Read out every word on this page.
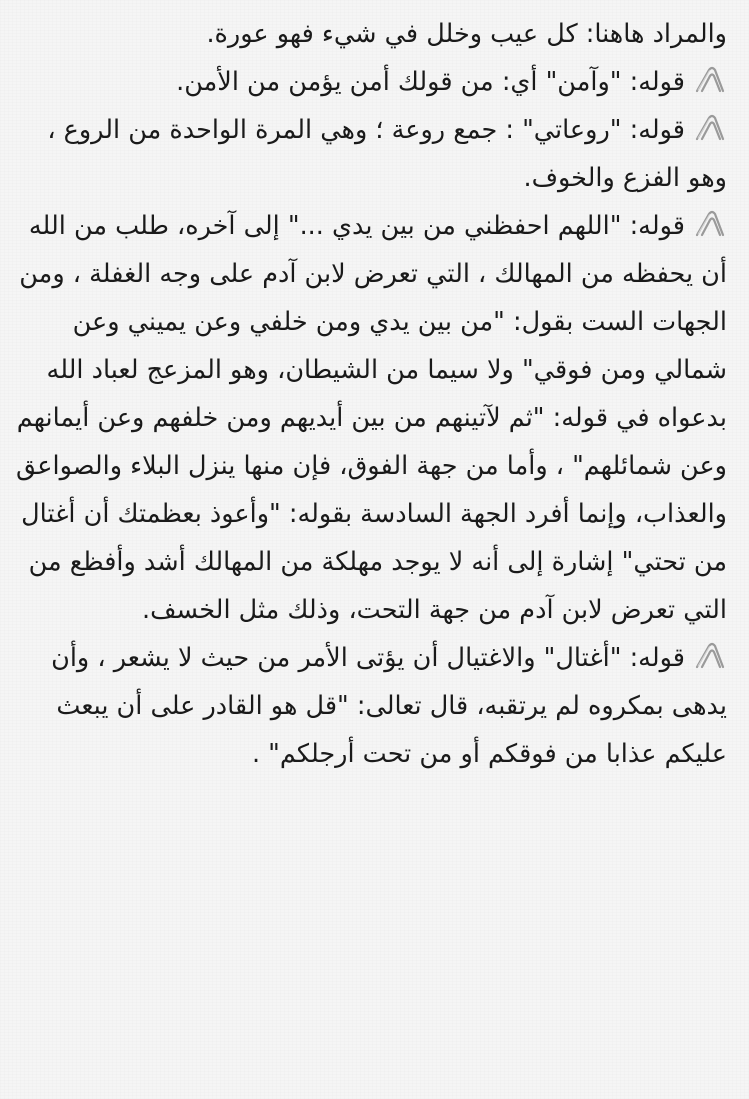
والمراد هاهنا: كل عيب وخلل في شيء فهو عورة.

قوله: "وآمن" أي: من قولك أمن يؤمن من الأمن.

قوله: "روعاتي" : جمع روعة ؛ وهي المرة الواحدة من الروع ، وهو الفزع والخوف.

قوله: "اللهم احفظني من بين يدي ..." إلى آخره، طلب من الله أن يحفظه من المهالك ، التي تعرض لابن آدم على وجه الغفلة ، ومن الجهات الست بقول: "من بين يدي ومن خلفي وعن يميني وعن شمالي ومن فوقي" ولا سيما من الشيطان، وهو المزعج لعباد الله بدعواه في قوله: "ثم لآتينهم من بين أيديهم ومن خلفهم وعن أيمانهم وعن شمائلهم" ، وأما من جهة الفوق، فإن منها ينزل البلاء والصواعق والعذاب، وإنما أفرد الجهة السادسة بقوله: "وأعوذ بعظمتك أن أغتال من تحتي" إشارة إلى أنه لا يوجد مهلكة من المهالك أشد وأفظع من التي تعرض لابن آدم من جهة التحت، وذلك مثل الخسف.

قوله: "أغتال" والاغتيال أن يؤتى الأمر من حيث لا يشعر ، وأن يدهى بمكروه لم يرتقبه، قال تعالى: "قل هو القادر على أن يبعث عليكم عذابا من فوقكم أو من تحت أرجلكم" .
